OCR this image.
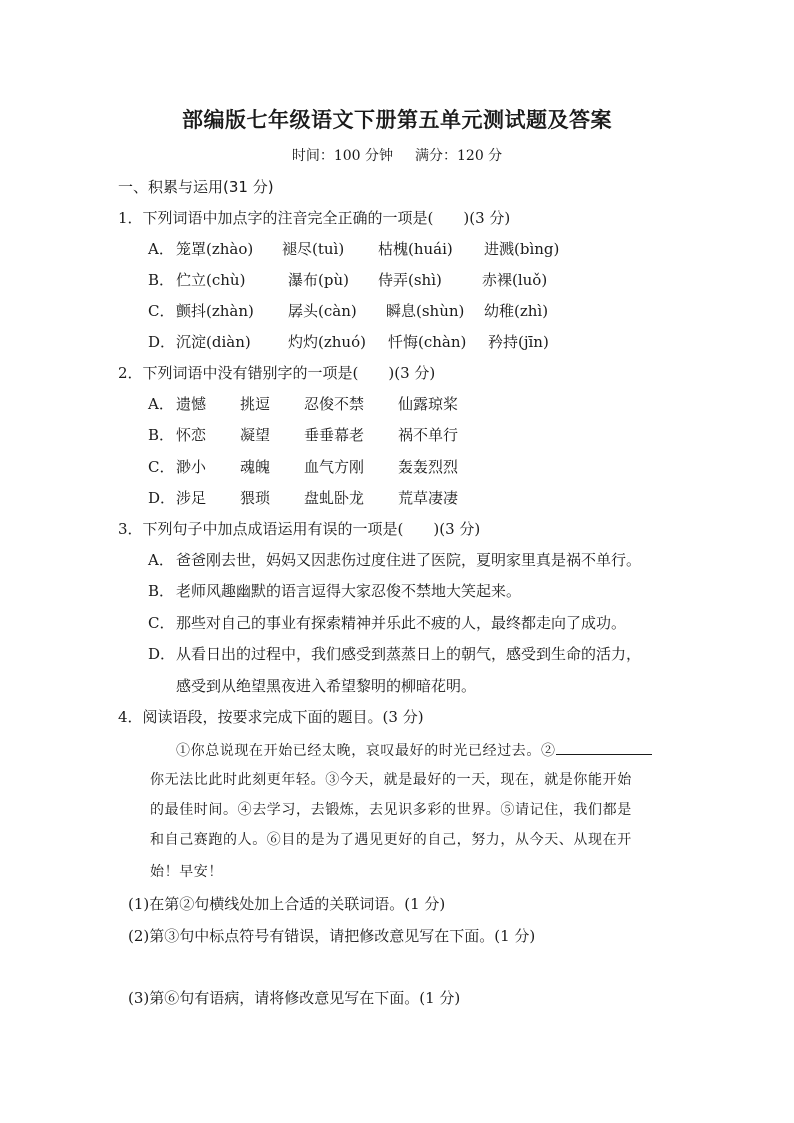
部编版七年级语文下册第五单元测试题及答案
时间：100 分钟 满分：120 分
一、积累与运用(31 分)
1．下列词语中加点字的注音完全正确的一项是(　　)(3 分)
A． 笼罩(zhào) 褪尽(tuì) 枯槐(huái) 进溅(bìng)
B． 伫立(chù)	瀑布(pù) 侍弄(shì)	赤裸(luǒ)
C． 颤抖(zhàn) 孱头(càn) 瞬息(shùn) 幼稚(zhì)
D． 沉淀(diàn) 灼灼(zhuó) 忏悔(chàn) 矜持(jīn)
2．下列词语中没有错别字的一项是(　　)(3 分)
A． 遗憾 挑逗 忍俊不禁 仙露琼桨
B． 怀恋 凝望 垂垂幕老 祸不单行
C． 渺小 魂魄 血气方刚 轰轰烈烈
D． 涉足 猥琐 盘虬卧龙 荒草凄凄
3．下列句子中加点成语运用有误的一项是(　　)(3 分)
A． 爸爸刚去世，妈妈又因悲伤过度住进了医院，夏明家里真是祸不单行。
B． 老师风趣幽默的语言逗得大家忍俊不禁地大笑起来。
C． 那些对自己的事业有探索精神并乐此不疲的人，最终都走向了成功。
D． 从看日出的过程中，我们感受到蒸蒸日上的朝气，感受到生命的活力，
感受到从绝望黑夜进入希望黎明的柳暗花明。
4．阅读语段，按要求完成下面的题目。(3 分)
①你总说现在开始已经太晚，哀叹最好的时光已经过去。②
你无法比此时此刻更年轻。③今天，就是最好的一天，现在，就是你能开始
的最佳时间。④去学习，去锻炼，去见识多彩的世界。⑤请记住，我们都是
和自己赛跑的人。⑥目的是为了遇见更好的自己，努力，从今天、从现在开
始！早安！
(1)在第②句横线处加上合适的关联词语。(1 分)
(2)第③句中标点符号有错误，请把修改意见写在下面。(1 分)
(3)第⑥句有语病，请将修改意见写在下面。(1 分)
